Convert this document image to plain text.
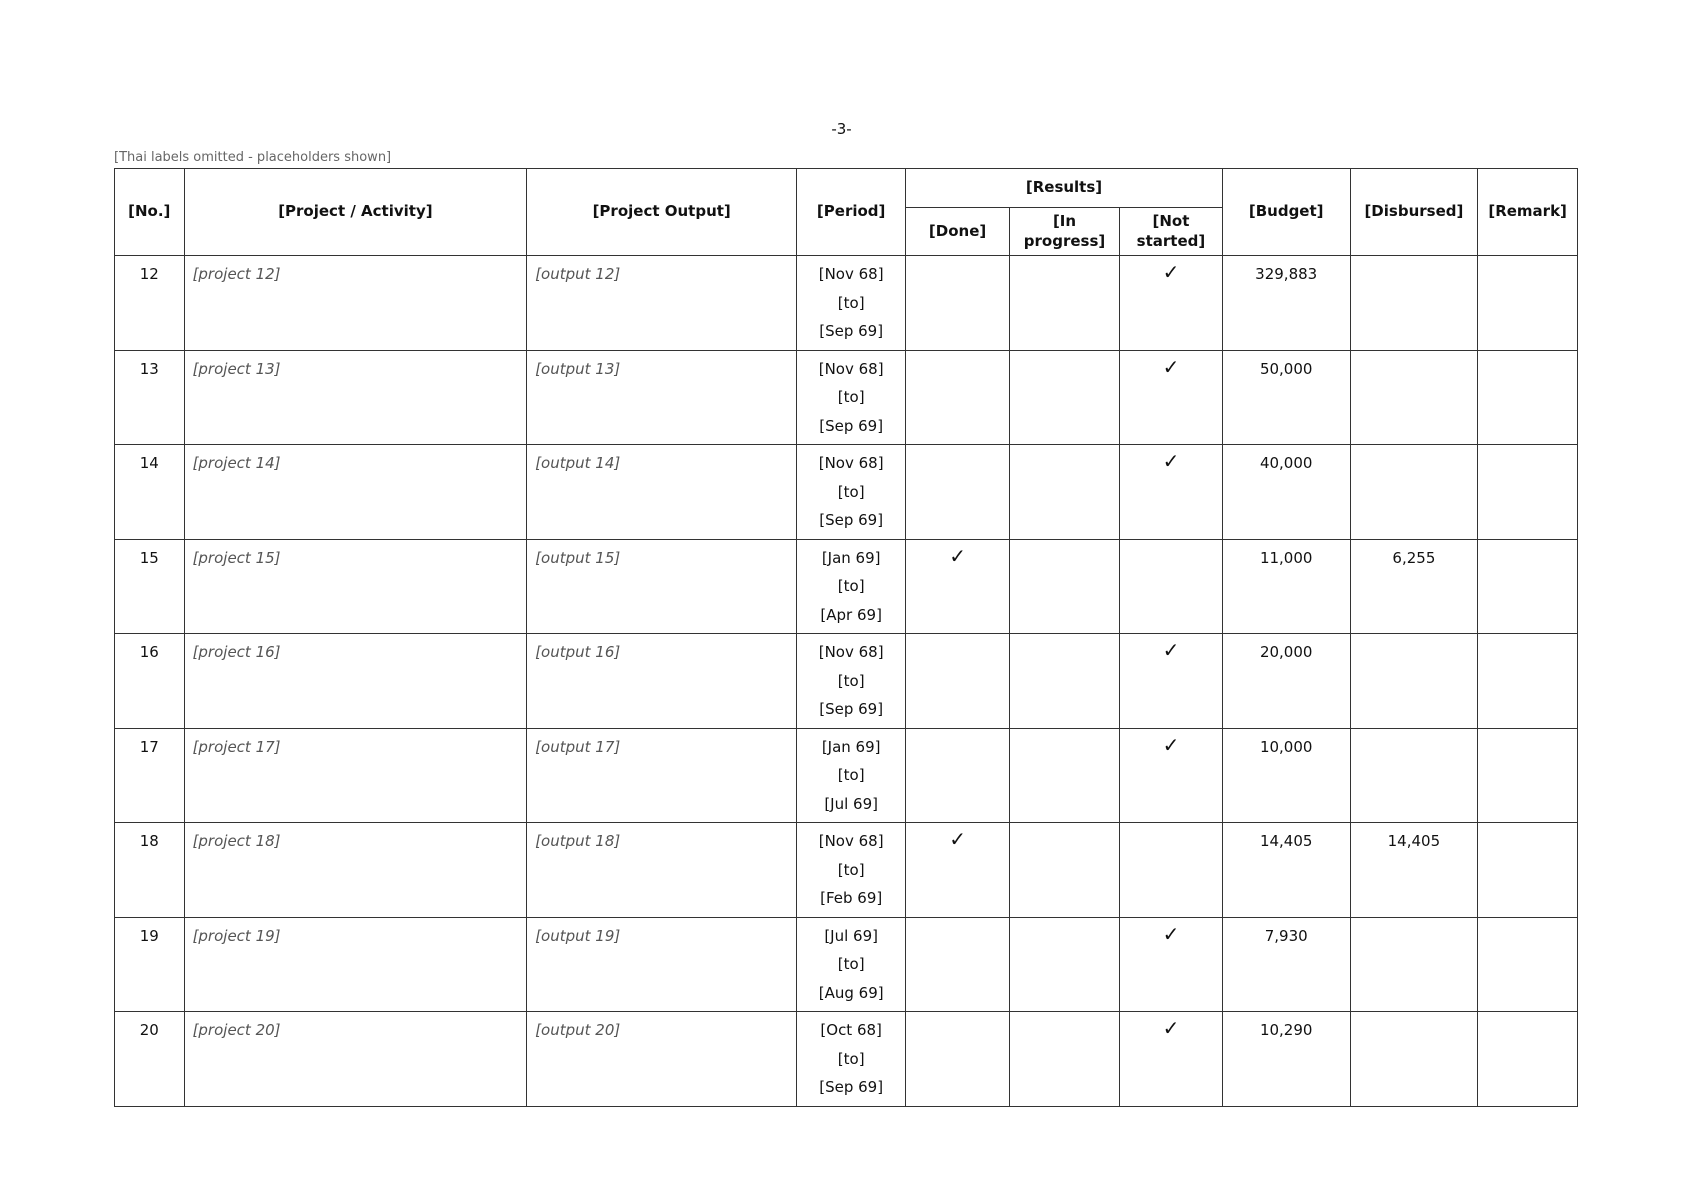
-3-
[Thai labels omitted - placeholders shown]
[No.]	[Project / Activity]	[Project Output]	[Period]	[Results]			[Budget]	[Disbursed]	[Remark]
				[Done]	[In progress]	[Not started]			
12	[project 12]	[output 12]	[Nov 68]
[to]
[Sep 69]			✓	329,883		
13	[project 13]	[output 13]	[Nov 68]
[to]
[Sep 69]			✓	50,000		
14	[project 14]	[output 14]	[Nov 68]
[to]
[Sep 69]			✓	40,000		
15	[project 15]	[output 15]	[Jan 69]
[to]
[Apr 69]	✓			11,000	6,255	
16	[project 16]	[output 16]	[Nov 68]
[to]
[Sep 69]			✓	20,000		
17	[project 17]	[output 17]	[Jan 69]
[to]
[Jul 69]			✓	10,000		
18	[project 18]	[output 18]	[Nov 68]
[to]
[Feb 69]	✓			14,405	14,405	
19	[project 19]	[output 19]	[Jul 69]
[to]
[Aug 69]			✓	7,930		
20	[project 20]	[output 20]	[Oct 68]
[to]
[Sep 69]			✓	10,290		
